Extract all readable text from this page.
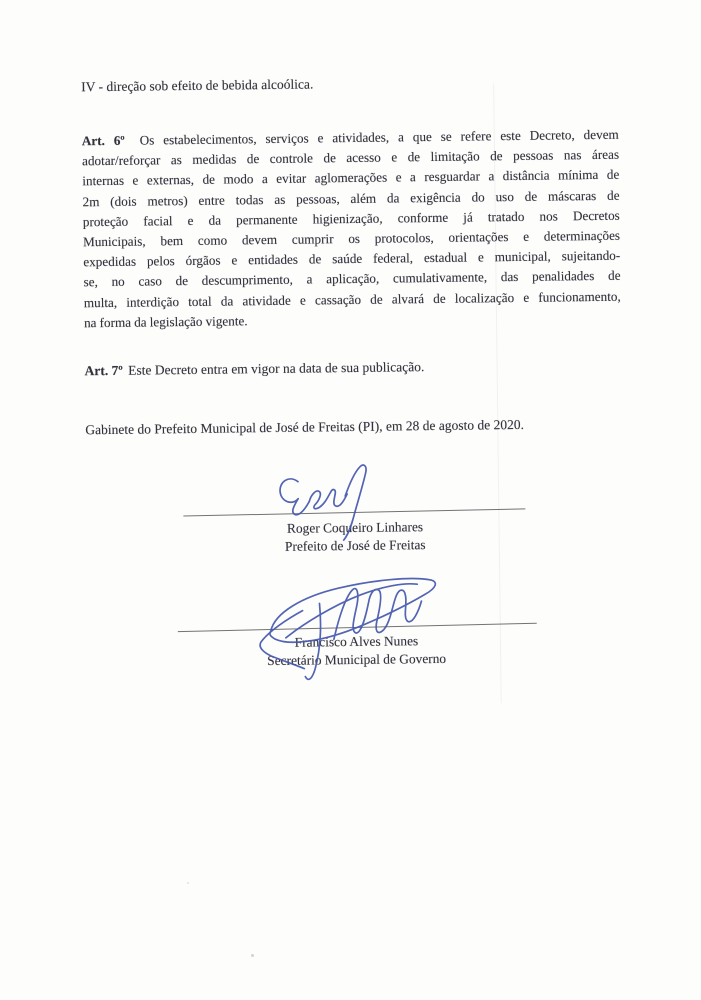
IV - direção sob efeito de bebida alcoólica.
Art. 6º Os estabelecimentos, serviços e atividades, a que se refere este Decreto, devem
adotar/reforçar as medidas de controle de acesso e de limitação de pessoas nas áreas
internas e externas, de modo a evitar aglomerações e a resguardar a distância mínima de
2m (dois metros) entre todas as pessoas, além da exigência do uso de máscaras de
proteção facial e da permanente higienização, conforme já tratado nos Decretos
Municipais, bem como devem cumprir os protocolos, orientações e determinações
expedidas pelos órgãos e entidades de saúde federal, estadual e municipal, sujeitando-
se, no caso de descumprimento, a aplicação, cumulativamente, das penalidades de
multa, interdição total da atividade e cassação de alvará de localização e funcionamento,
na forma da legislação vigente.
Art. 7º Este Decreto entra em vigor na data de sua publicação.
Gabinete do Prefeito Municipal de José de Freitas (PI), em 28 de agosto de 2020.
Roger Coqueiro Linhares
Prefeito de José de Freitas
Francisco Alves Nunes
Secretário Municipal de Governo
